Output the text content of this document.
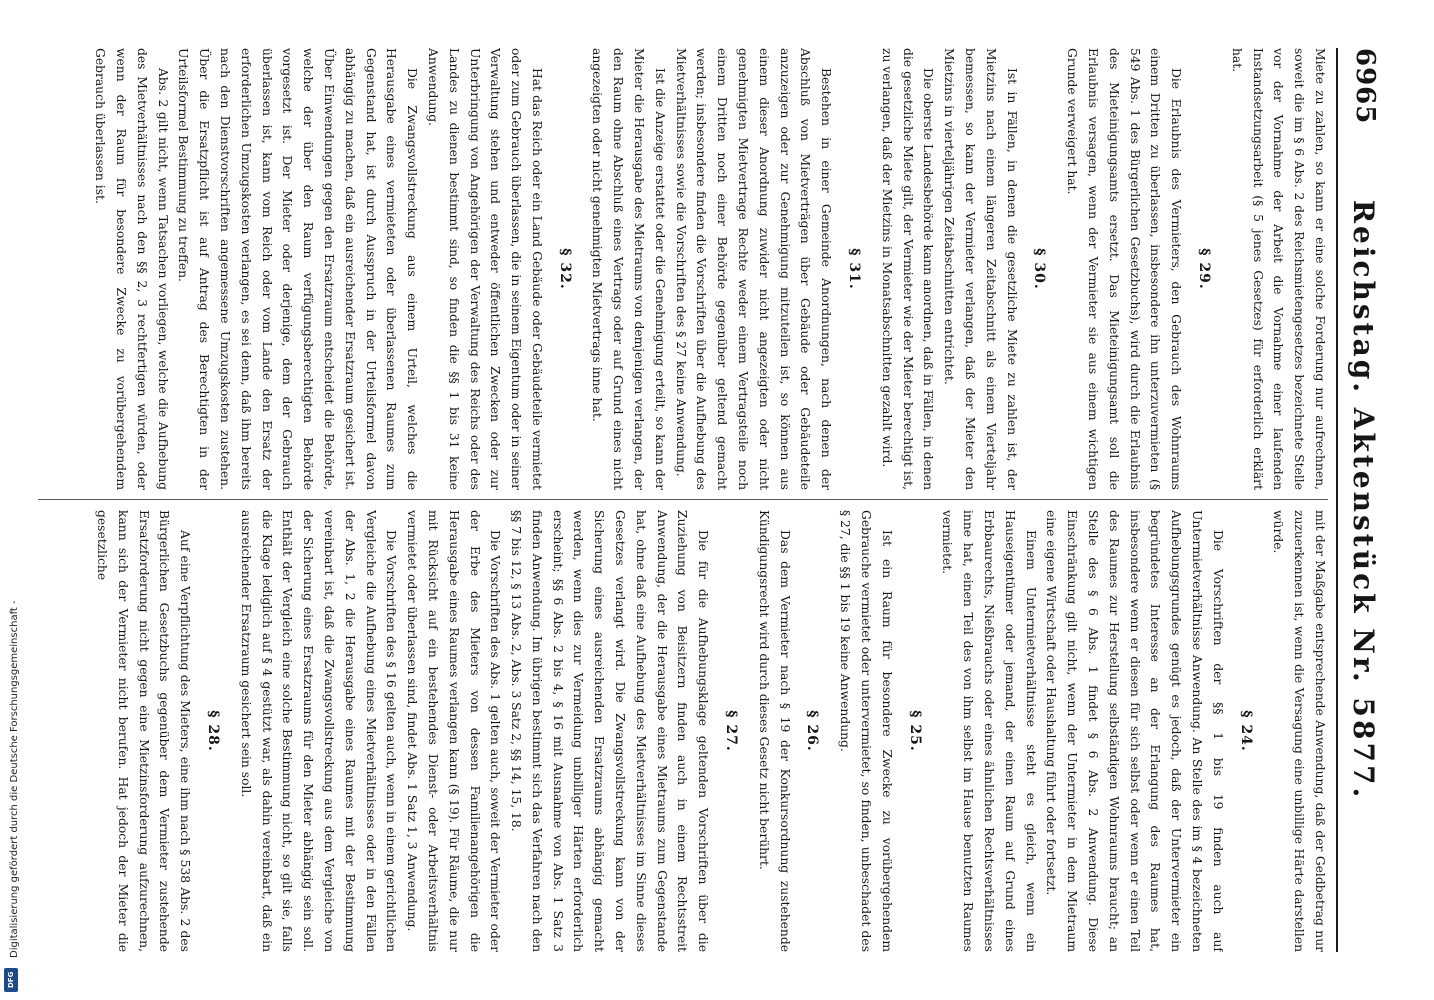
6965
Reichstag. Aktenstück Nr. 5877.

Miete zu zahlen, so kann er eine solche Forderung nur aufrechnen, soweit die im § 6 Abs. 2 des Reichsmietengesetzes bezeichnete Stelle vor der Vornahme der Arbeit die Vornahme einer laufenden Instandsetzungsarbeit (§ 5 jenes Gesetzes) für erforderlich erklärt hat.

§ 29.

Die Erlaubnis des Vermieters, den Gebrauch des Wohnraums einem Dritten zu überlassen, insbesondere ihn unterzuvermieten (§ 549 Abs. 1 des Bürgerlichen Gesetzbuchs), wird durch die Erlaubnis des Mieteinigungsamts ersetzt. Das Mieteinigungsamt soll die Erlaubnis versagen, wenn der Vermieter sie aus einem wichtigen Grunde verweigert hat.

§ 30.

Ist in Fällen, in denen die gesetzliche Miete zu zahlen ist, der Mietzins nach einem längeren Zeitabschnitt als einem Vierteljahr bemessen, so kann der Vermieter verlangen, daß der Mieter den Mietzins in vierteljährigen Zeitabschnitten entrichtet.

Die oberste Landesbehörde kann anordnen, daß in Fällen, in denen die gesetzliche Miete gilt, der Vermieter wie der Mieter berechtigt ist, zu verlangen, daß der Mietzins in Monatsabschnitten gezahlt wird.

§ 31.

Bestehen in einer Gemeinde Anordnungen, nach denen der Abschluß von Mietverträgen über Gebäude oder Gebäudeteile anzuzeigen oder zur Genehmigung mitzuteilen ist, so können aus einem dieser Anordnung zuwider nicht angezeigten oder nicht genehmigten Mietvertrage Rechte weder einem Vertragsteile noch einem Dritten noch einer Behörde gegenüber geltend gemacht werden; insbesondere finden die Vorschriften über die Aufhebung des Mietverhältnisses sowie die Vorschriften des § 27 keine Anwendung.

Ist die Anzeige erstattet oder die Genehmigung erteilt, so kann der Mieter die Herausgabe des Mietraums von demjenigen verlangen, der den Raum ohne Abschluß eines Vertrags oder auf Grund eines nicht angezeigten oder nicht genehmigten Mietvertrags inne hat.

§ 32.

Hat das Reich oder ein Land Gebäude oder Gebäudeteile vermietet oder zum Gebrauch überlassen, die in seinem Eigentum oder in seiner Verwaltung stehen und entweder öffentlichen Zwecken oder zur Unterbringung von Angehörigen der Verwaltung des Reichs oder des Landes zu dienen bestimmt sind, so finden die §§ 1 bis 31 keine Anwendung.

Die Zwangsvollstreckung aus einem Urteil, welches die Herausgabe eines vermieteten oder überlassenen Raumes zum Gegenstand hat, ist durch Ausspruch in der Urteilsformel davon abhängig zu machen, daß ein ausreichender Ersatzraum gesichert ist. Über Einwendungen gegen den Ersatzraum entscheidet die Behörde, welche der über den Raum verfügungsberechtigten Behörde vorgesetzt ist. Der Mieter oder derjenige, dem der Gebrauch überlassen ist, kann vom Reich oder vom Lande den Ersatz der erforderlichen Umzugskosten verlangen, es sei denn, daß ihm bereits nach den Dienstvorschriften angemessene Umzugskosten zustehen. Über die Ersatzpflicht ist auf Antrag des Berechtigten in der Urteilsformel Bestimmung zu treffen.

Abs. 2 gilt nicht, wenn Tatsachen vorliegen, welche die Aufhebung des Mietverhältnisses nach den §§ 2, 3 rechtfertigen würden, oder wenn der Raum für besondere Zwecke zu vorübergehendem Gebrauch überlassen ist.

mit der Maßgabe entsprechende Anwendung, daß der Geldbetrag nur zuzuerkennen ist, wenn die Versagung eine unbillige Härte darstellen würde.

§ 24.

Die Vorschriften der §§ 1 bis 19 finden auch auf Untermietverhältnisse Anwendung. An Stelle des im § 4 bezeichneten Aufhebungsgrundes genügt es jedoch, daß der Untervermieter ein begründetes Interesse an der Erlangung des Raumes hat, insbesondere wenn er diesen für sich selbst oder wenn er einen Teil des Raumes zur Herstellung selbständigen Wohnraums braucht; an Stelle des § 6 Abs. 1 findet § 6 Abs. 2 Anwendung. Diese Einschränkung gilt nicht, wenn der Untermieter in dem Mietraum eine eigene Wirtschaft oder Haushaltung führt oder fortsetzt.

Einem Untermietverhältnisse steht es gleich, wenn ein Hauseigentümer oder jemand, der einen Raum auf Grund eines Erbbaurechts, Nießbrauchs oder eines ähnlichen Rechtsverhältnisses inne hat, einen Teil des von ihm selbst im Hause benutzten Raumes vermietet.

§ 25.

Ist ein Raum für besondere Zwecke zu vorübergehendem Gebrauche vermietet oder untervermietet, so finden, unbeschadet des § 27, die §§ 1 bis 19 keine Anwendung.

§ 26.

Das dem Vermieter nach § 19 der Konkursordnung zustehende Kündigungsrecht wird durch dieses Gesetz nicht berührt.

§ 27.

Die für die Aufhebungsklage geltenden Vorschriften über die Zuziehung von Beisitzern finden auch in einem Rechtsstreit Anwendung, der die Herausgabe eines Mietraums zum Gegenstande hat, ohne daß eine Aufhebung des Mietverhältnisses im Sinne dieses Gesetzes verlangt wird. Die Zwangsvollstreckung kann von der Sicherung eines ausreichenden Ersatzraums abhängig gemacht werden, wenn dies zur Vermeidung unbilliger Härten erforderlich erscheint; §§ 6 Abs. 2 bis 4, § 16 mit Ausnahme von Abs. 1 Satz 3 finden Anwendung. Im übrigen bestimmt sich das Verfahren nach den §§ 7 bis 12, § 13 Abs. 2, Abs. 3 Satz 2, §§ 14, 15, 18.

Die Vorschriften des Abs. 1 gelten auch, soweit der Vermieter oder der Erbe des Mieters von dessen Familienangehörigen die Herausgabe eines Raumes verlangen kann (§ 19). Für Räume, die nur mit Rücksicht auf ein bestehendes Dienst- oder Arbeitsverhältnis vermietet oder überlassen sind, findet Abs. 1 Satz 1, 3 Anwendung.

Die Vorschriften des § 16 gelten auch, wenn in einem gerichtlichen Vergleiche die Aufhebung eines Mietverhältnisses oder in den Fällen der Abs. 1, 2 die Herausgabe eines Raumes mit der Bestimmung vereinbart ist, daß die Zwangsvollstreckung aus dem Vergleiche von der Sicherung eines Ersatzraums für den Mieter abhängig sein soll. Enthält der Vergleich eine solche Bestimmung nicht, so gilt sie, falls die Klage lediglich auf § 4 gestützt war, als dahin vereinbart, daß ein ausreichender Ersatzraum gesichert sein soll.

§ 28.

Auf eine Verpflichtung des Mieters, eine ihm nach § 538 Abs. 2 des Bürgerlichen Gesetzbuchs gegenüber dem Vermieter zustehende Ersatzforderung nicht gegen eine Mietzinsforderung aufzurechnen, kann sich der Vermieter nicht berufen. Hat jedoch der Mieter die gesetzliche

Digitalisierung gefördert durch die Deutsche Forschungsgemeinschaft -
DFG
